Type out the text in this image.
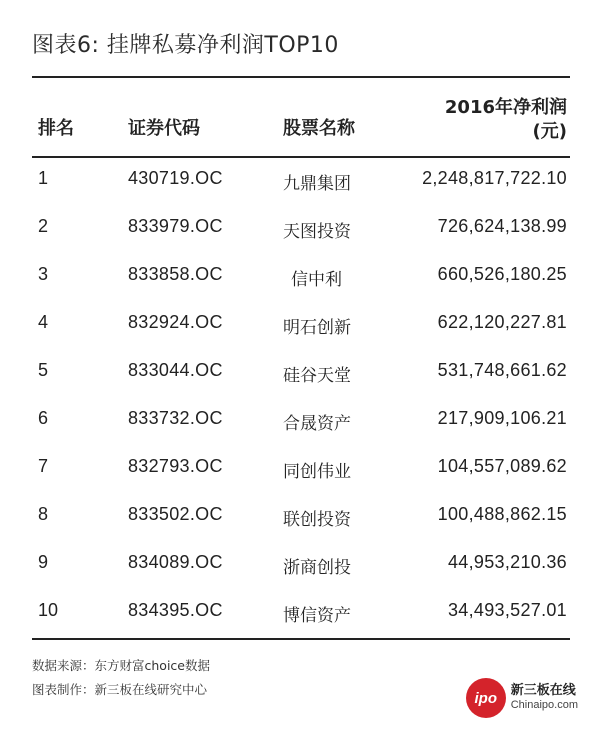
图表6: 挂牌私募净利润TOP10
排名	证券代码	股票名称
2016年净利润
(元)
1	430719.OC	九鼎集团	2,248,817,722.10
2	833979.OC	天图投资	726,624,138.99
3	833858.OC	信中利	660,526,180.25
4	832924.OC	明石创新	622,120,227.81
5	833044.OC	硅谷天堂	531,748,661.62
6	833732.OC	合晟资产	217,909,106.21
7	832793.OC	同创伟业	104,557,089.62
8	833502.OC	联创投资	100,488,862.15
9	834089.OC	浙商创投	44,953,210.36
10	834395.OC	博信资产	34,493,527.01
数据来源：东方财富choice数据
图表制作：新三板在线研究中心	ipo	新三板在线
Chinaipo.com
